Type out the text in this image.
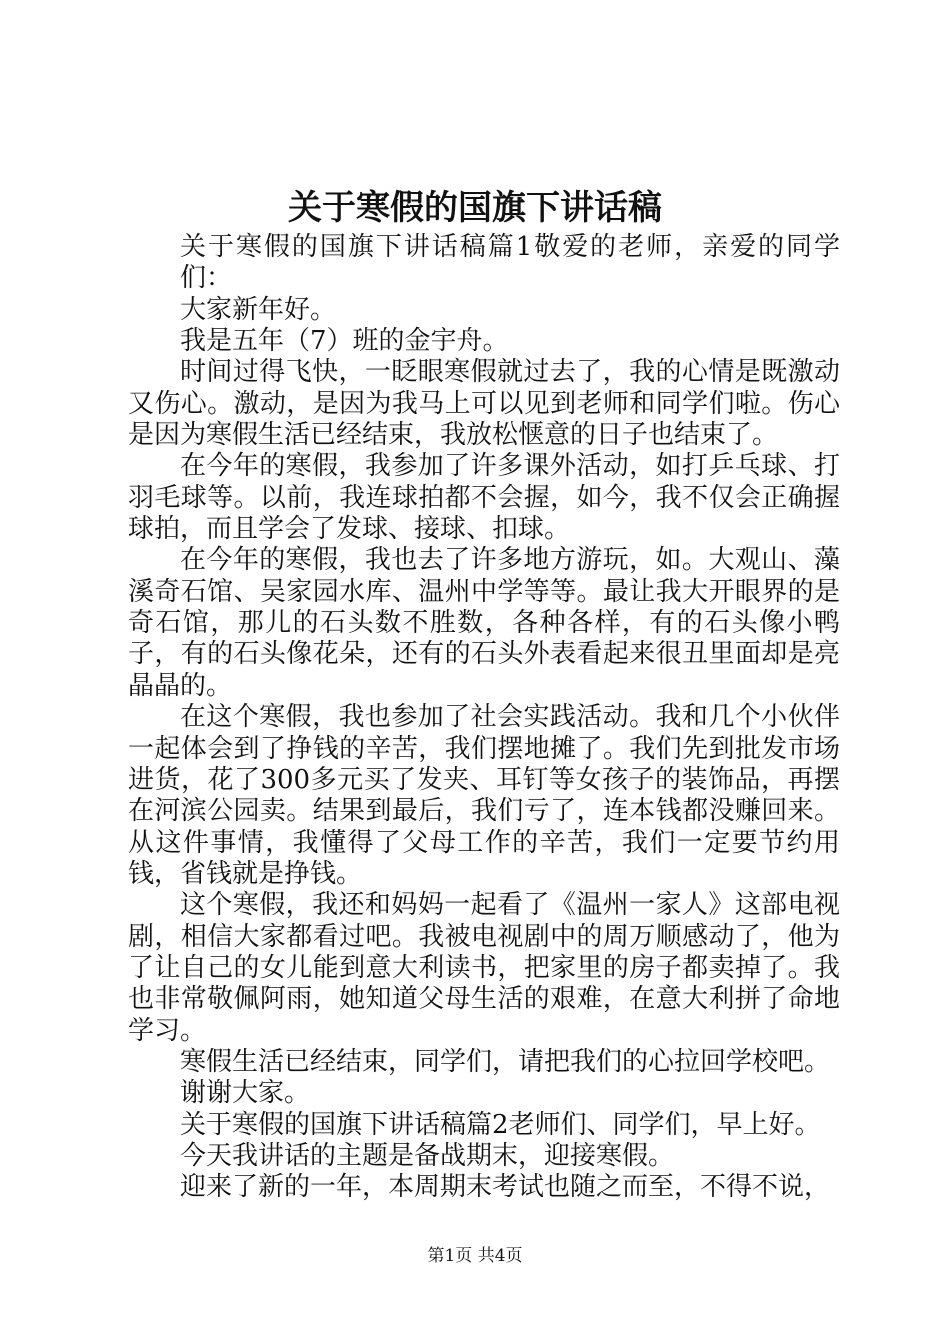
关于寒假的国旗下讲话稿

关于寒假的国旗下讲话稿篇1敬爱的老师，亲爱的同学们：

大家新年好。

我是五年（7）班的金宇舟。

时间过得飞快，一眨眼寒假就过去了，我的心情是既激动又伤心。激动，是因为我马上可以见到老师和同学们啦。伤心是因为寒假生活已经结束，我放松惬意的日子也结束了。

在今年的寒假，我参加了许多课外活动，如打乒乓球、打羽毛球等。以前，我连球拍都不会握，如今，我不仅会正确握球拍，而且学会了发球、接球、扣球。

在今年的寒假，我也去了许多地方游玩，如。大观山、藻溪奇石馆、吴家园水库、温州中学等等。最让我大开眼界的是奇石馆，那儿的石头数不胜数，各种各样，有的石头像小鸭子，有的石头像花朵，还有的石头外表看起来很丑里面却是亮晶晶的。

在这个寒假，我也参加了社会实践活动。我和几个小伙伴一起体会到了挣钱的辛苦，我们摆地摊了。我们先到批发市场进货，花了300多元买了发夹、耳钉等女孩子的装饰品，再摆在河滨公园卖。结果到最后，我们亏了，连本钱都没赚回来。从这件事情，我懂得了父母工作的辛苦，我们一定要节约用钱，省钱就是挣钱。

这个寒假，我还和妈妈一起看了《温州一家人》这部电视剧，相信大家都看过吧。我被电视剧中的周万顺感动了，他为了让自己的女儿能到意大利读书，把家里的房子都卖掉了。我也非常敬佩阿雨，她知道父母生活的艰难，在意大利拼了命地学习。

寒假生活已经结束，同学们，请把我们的心拉回学校吧。

谢谢大家。

关于寒假的国旗下讲话稿篇2老师们、同学们，早上好。

今天我讲话的主题是备战期末，迎接寒假。

迎来了新的一年，本周期末考试也随之而至，不得不说，

第1页 共4页
